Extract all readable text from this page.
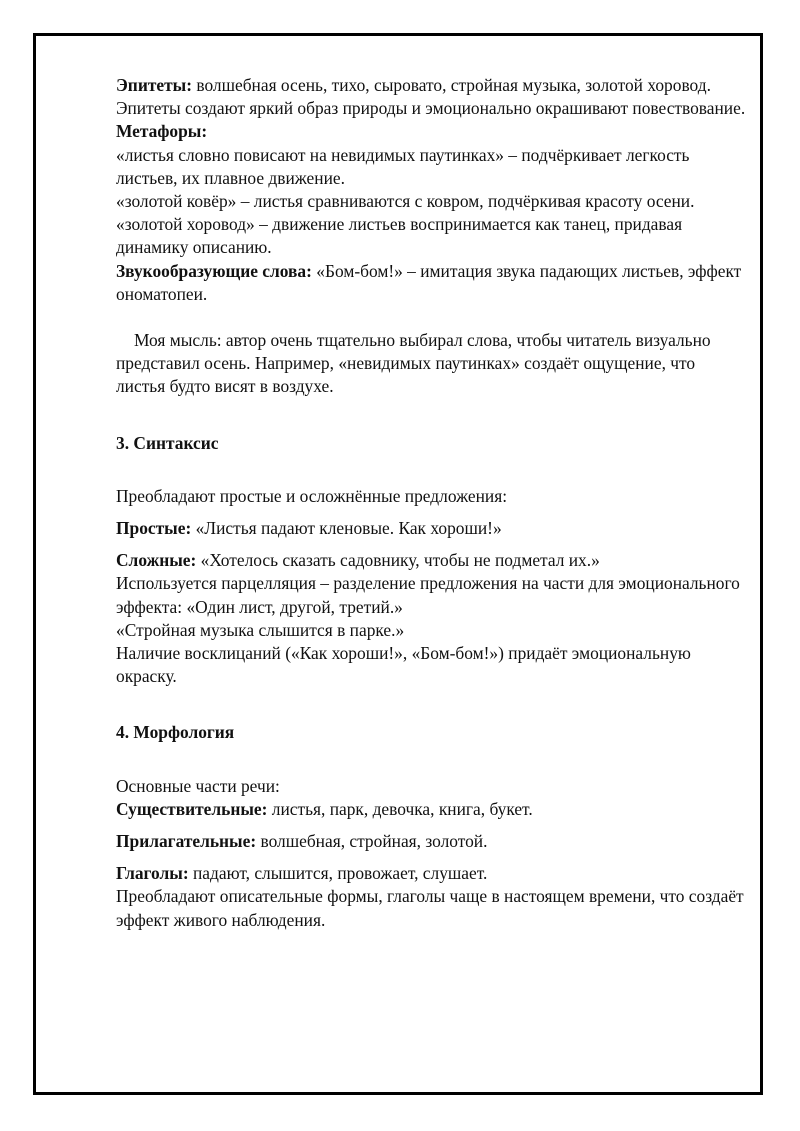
Эпитеты: волшебная осень, тихо, сыровато, стройная музыка, золотой хоровод.

Эпитеты создают яркий образ природы и эмоционально окрашивают повествование.

Метафоры:

«листья словно повисают на невидимых паутинках» – подчёркивает легкость листьев, их плавное движение.

«золотой ковёр» – листья сравниваются с ковром, подчёркивая красоту осени.

«золотой хоровод» – движение листьев воспринимается как танец, придавая динамику описанию.

Звукообразующие слова: «Бом-бом!» – имитация звука падающих листьев, эффект ономатопеи.

Моя мысль: автор очень тщательно выбирал слова, чтобы читатель визуально представил осень. Например, «невидимых паутинках» создаёт ощущение, что листья будто висят в воздухе.

3. Синтаксис

Преобладают простые и осложнённые предложения:

Простые: «Листья падают кленовые. Как хороши!»

Сложные: «Хотелось сказать садовнику, чтобы не подметал их.»

Используется парцелляция – разделение предложения на части для эмоционального эффекта: «Один лист, другой, третий.»

«Стройная музыка слышится в парке.»

Наличие восклицаний («Как хороши!», «Бом-бом!») придаёт эмоциональную окраску.

4. Морфология

Основные части речи:

Существительные: листья, парк, девочка, книга, букет.

Прилагательные: волшебная, стройная, золотой.

Глаголы: падают, слышится, провожает, слушает.

Преобладают описательные формы, глаголы чаще в настоящем времени, что создаёт эффект живого наблюдения.
